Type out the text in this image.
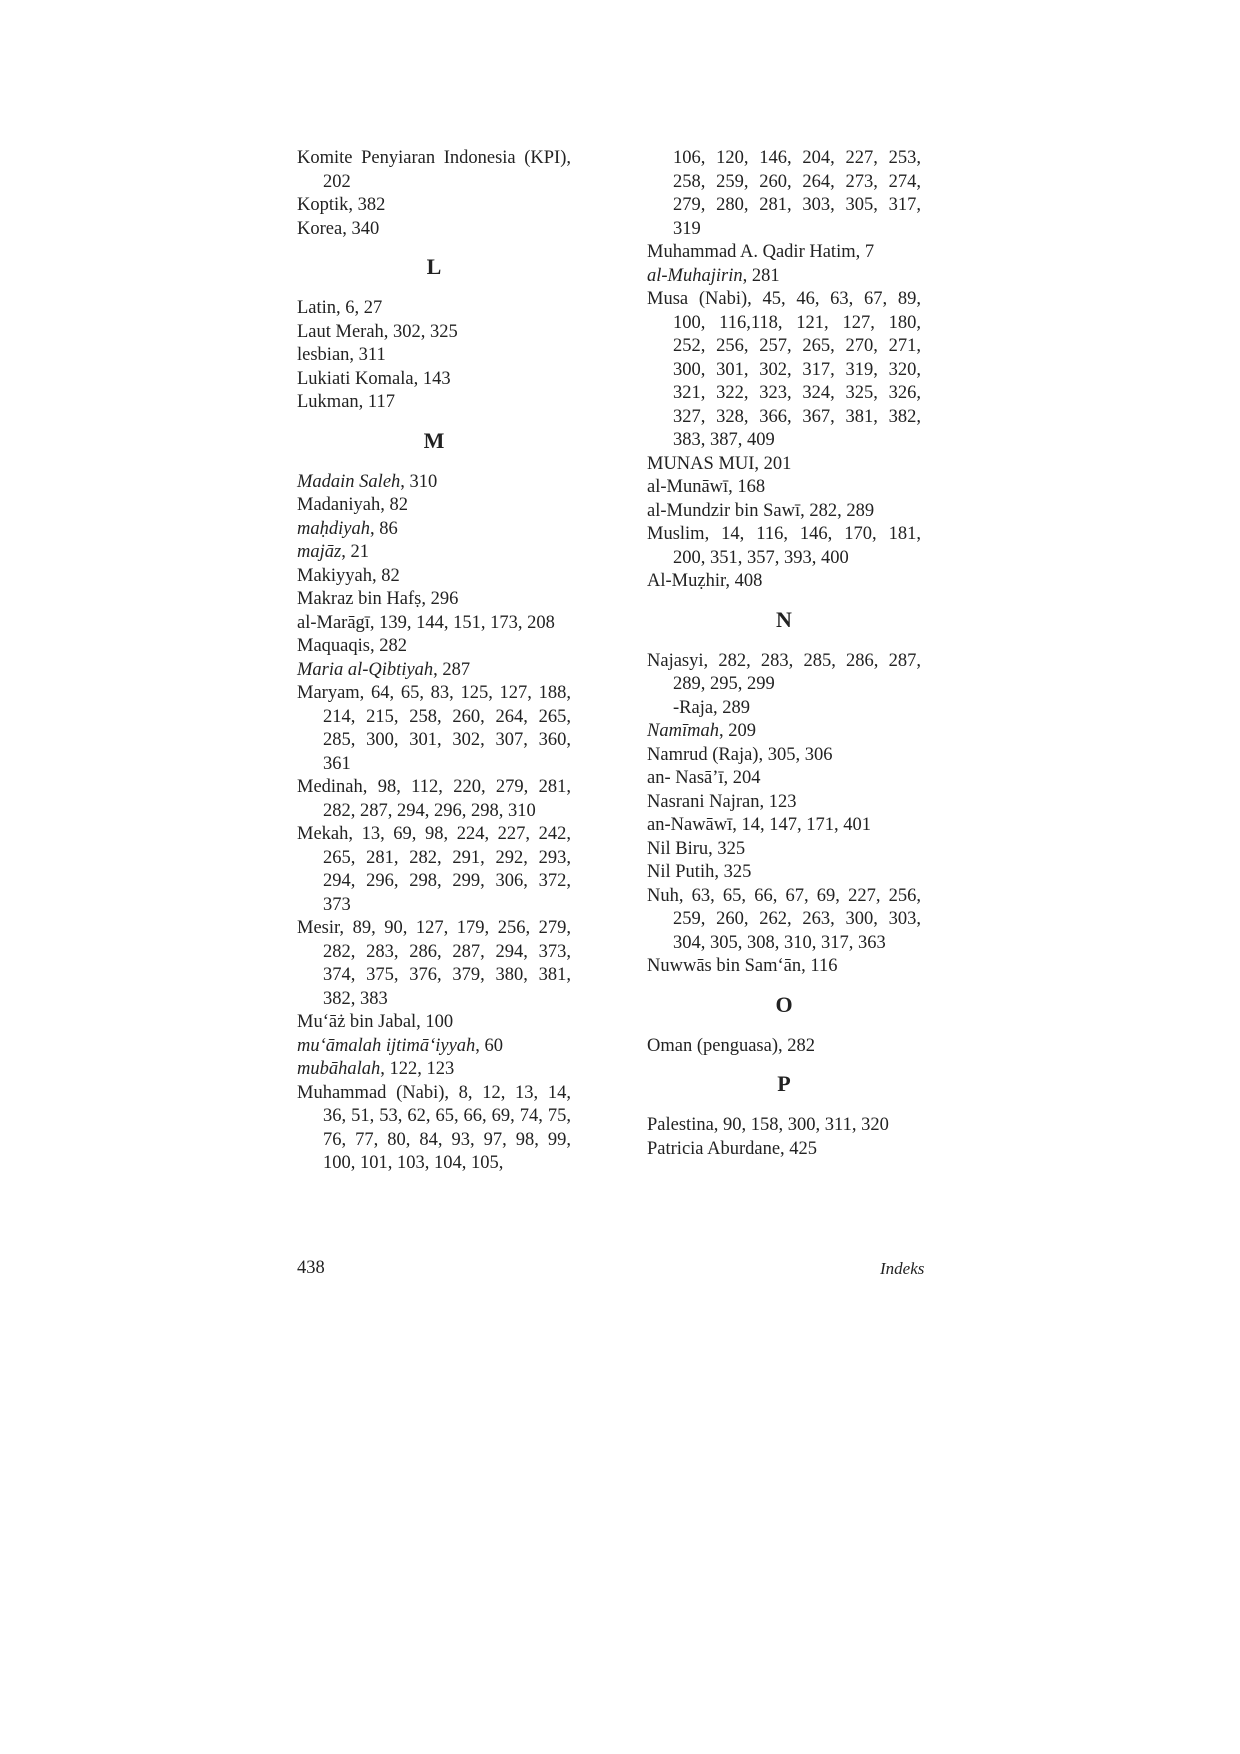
Komite Penyiaran Indonesia (KPI), 202

Koptik, 382

Korea, 340

L

Latin, 6, 27

Laut Merah, 302, 325

lesbian, 311

Lukiati Komala, 143

Lukman, 117

M

Madain Saleh, 310

Madaniyah, 82

maḥdiyah, 86

majāz, 21

Makiyyah, 82

Makraz bin Hafṣ, 296

al-Marāgī, 139, 144, 151, 173, 208

Maquaqis, 282

Maria al-Qibtiyah, 287

Maryam, 64, 65, 83, 125, 127, 188, 214, 215, 258, 260, 264, 265, 285, 300, 301, 302, 307, 360, 361

Medinah, 98, 112, 220, 279, 281, 282, 287, 294, 296, 298, 310

Mekah, 13, 69, 98, 224, 227, 242, 265, 281, 282, 291, 292, 293, 294, 296, 298, 299, 306, 372, 373

Mesir, 89, 90, 127, 179, 256, 279, 282, 283, 286, 287, 294, 373, 374, 375, 376, 379, 380, 381, 382, 383

Mu‘āż bin Jabal, 100

mu‘āmalah ijtimā‘iyyah, 60

mubāhalah, 122, 123

Muhammad (Nabi), 8, 12, 13, 14, 36, 51, 53, 62, 65, 66, 69, 74, 75, 76, 77, 80, 84, 93, 97, 98, 99, 100, 101, 103, 104, 105,

106, 120, 146, 204, 227, 253, 258, 259, 260, 264, 273, 274, 279, 280, 281, 303, 305, 317, 319

Muhammad A. Qadir Hatim, 7

al-Muhajirin, 281

Musa (Nabi), 45, 46, 63, 67, 89, 100, 116,118, 121, 127, 180, 252, 256, 257, 265, 270, 271, 300, 301, 302, 317, 319, 320, 321, 322, 323, 324, 325, 326, 327, 328, 366, 367, 381, 382, 383, 387, 409

MUNAS MUI, 201

al-Munāwī, 168

al-Mundzir bin Sawī, 282, 289

Muslim, 14, 116, 146, 170, 181, 200, 351, 357, 393, 400

Al-Muẓhir, 408

N

Najasyi, 282, 283, 285, 286, 287, 289, 295, 299

-Raja, 289

Namīmah, 209

Namrud (Raja), 305, 306

an- Nasā’ī, 204

Nasrani Najran, 123

an-Nawāwī, 14, 147, 171, 401

Nil Biru, 325

Nil Putih, 325

Nuh, 63, 65, 66, 67, 69, 227, 256, 259, 260, 262, 263, 300, 303, 304, 305, 308, 310, 317, 363

Nuwwās bin Sam‘ān, 116

O

Oman (penguasa), 282

P

Palestina, 90, 158, 300, 311, 320

Patricia Aburdane, 425

438	Indeks
